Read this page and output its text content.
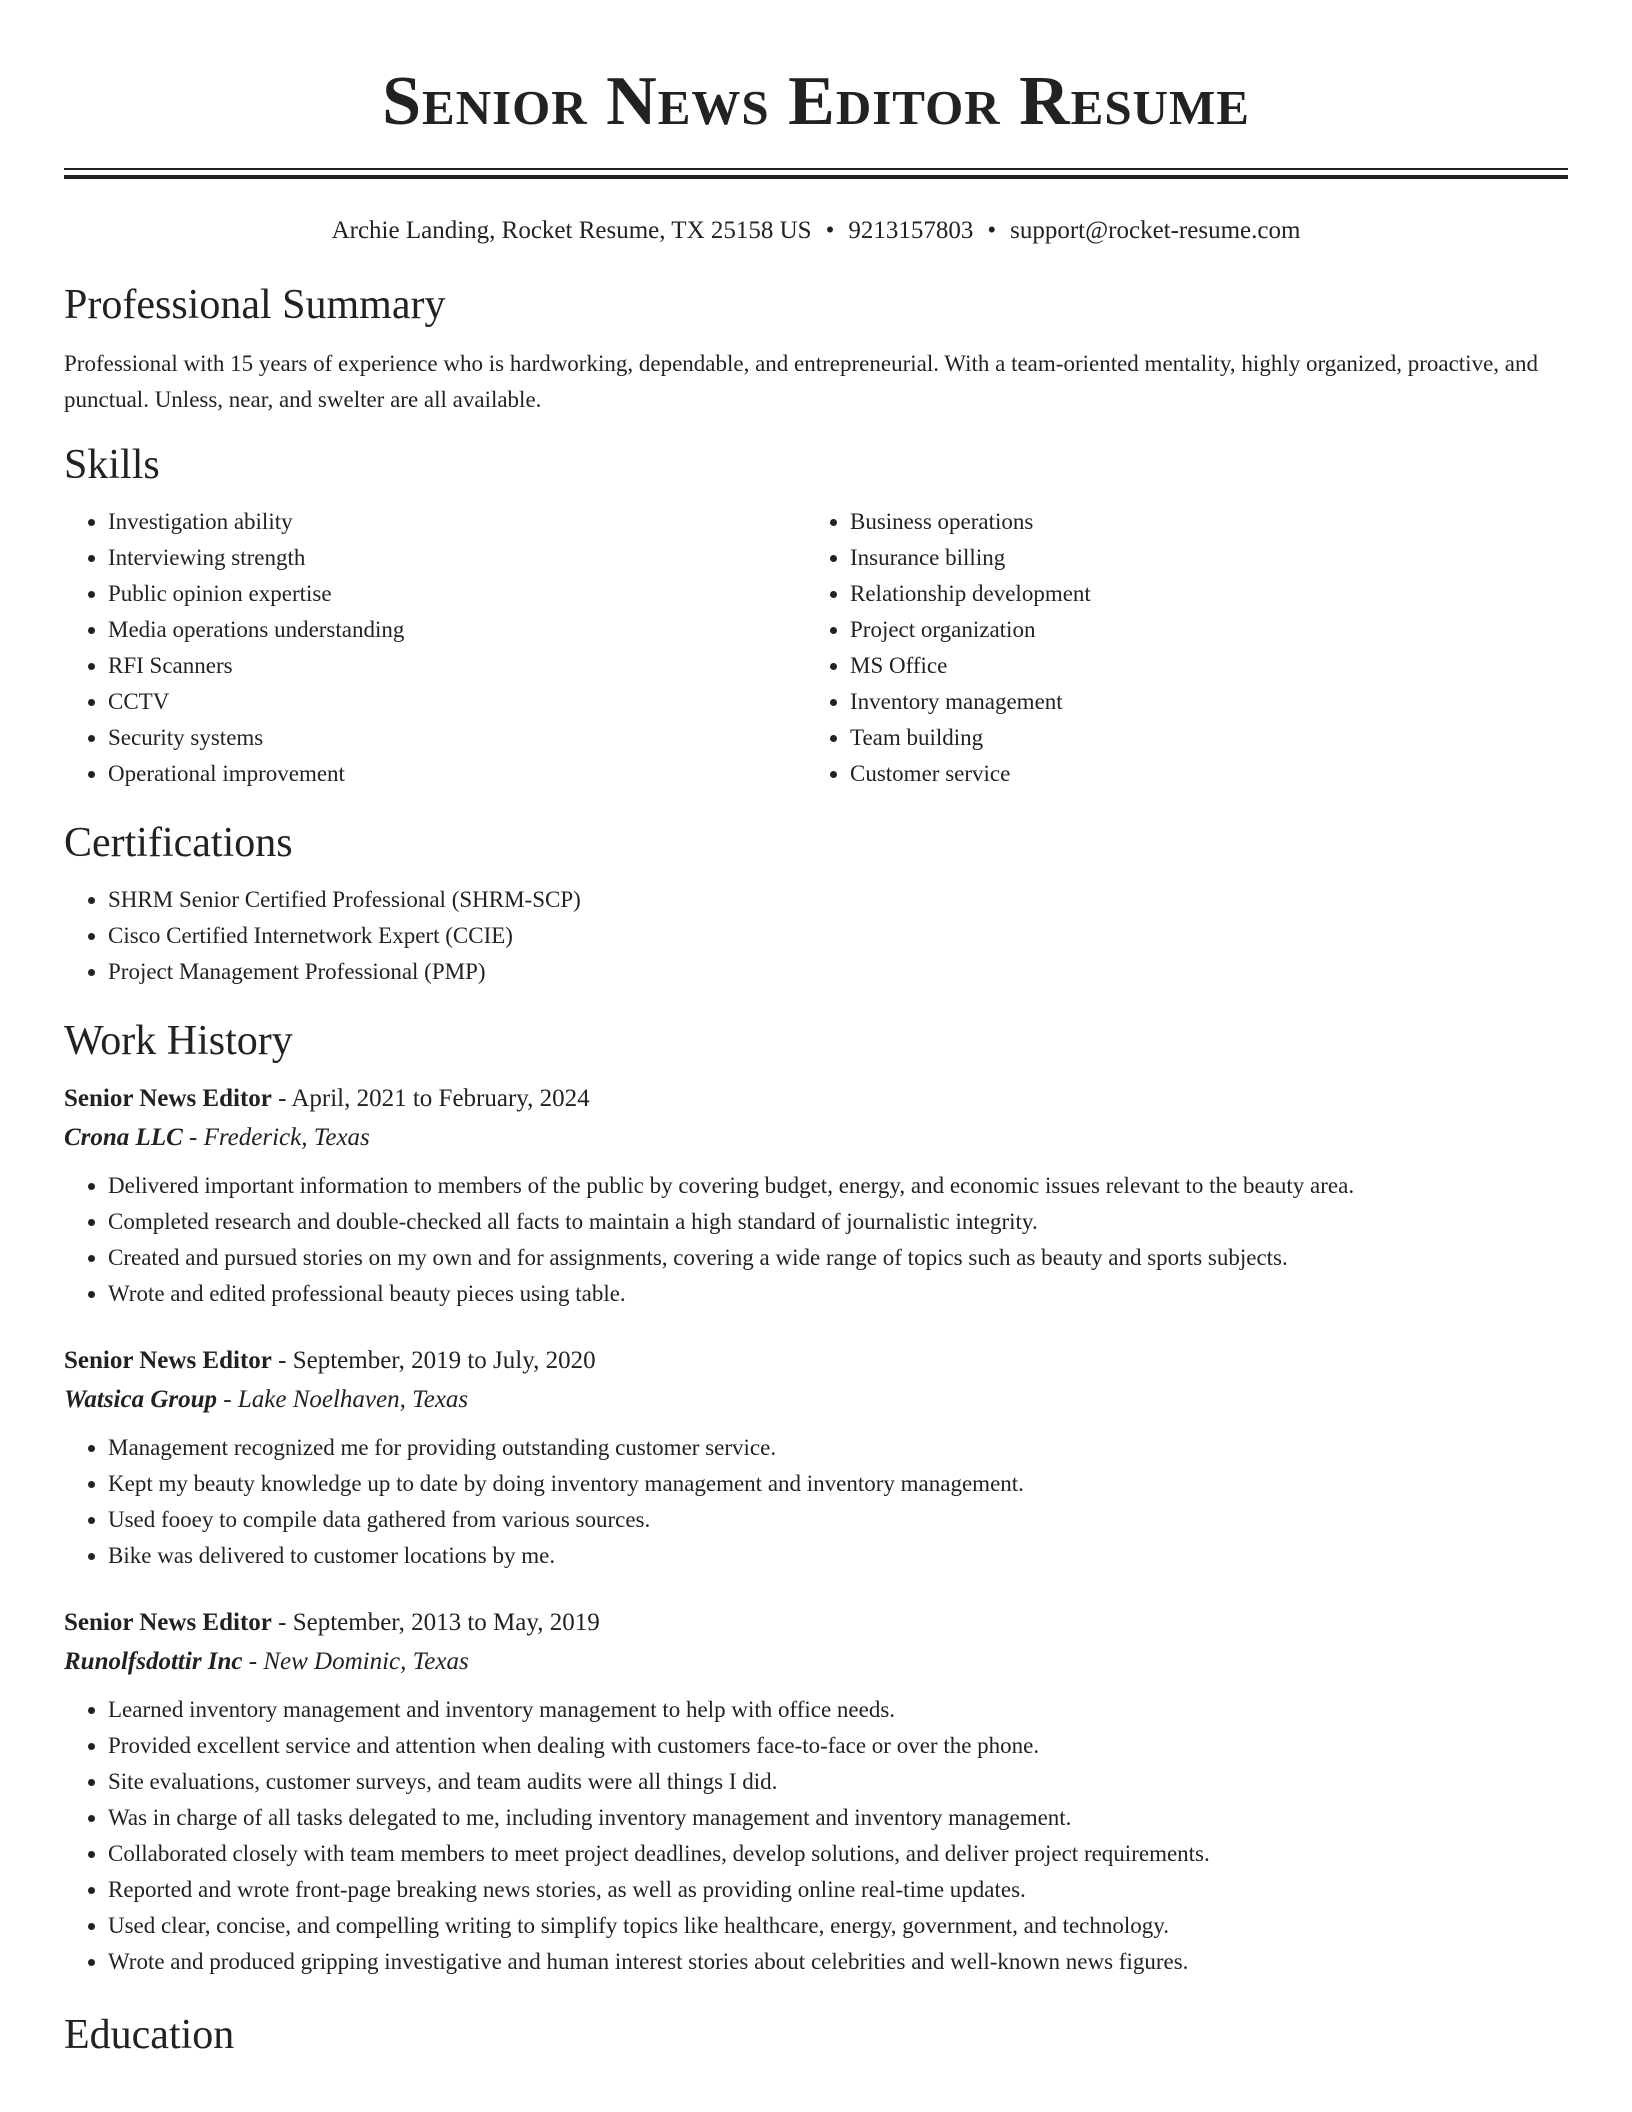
Senior News Editor Resume
Archie Landing, Rocket Resume, TX 25158 US • 9213157803 • support@rocket-resume.com
Professional Summary

Professional with 15 years of experience who is hardworking, dependable, and entrepreneurial. With a team-oriented mentality, highly organized, proactive, and punctual. Unless, near, and swelter are all available.

Skills
• Investigation ability
• Interviewing strength
• Public opinion expertise
• Media operations understanding
• RFI Scanners
• CCTV
• Security systems
• Operational improvement
• Business operations
• Insurance billing
• Relationship development
• Project organization
• MS Office
• Inventory management
• Team building
• Customer service
Certifications
• SHRM Senior Certified Professional (SHRM-SCP)
• Cisco Certified Internetwork Expert (CCIE)
• Project Management Professional (PMP)
Work History
Senior News Editor - April, 2021 to February, 2024
Crona LLC - Frederick, Texas
• Delivered important information to members of the public by covering budget, energy, and economic issues relevant to the beauty area.
• Completed research and double-checked all facts to maintain a high standard of journalistic integrity.
• Created and pursued stories on my own and for assignments, covering a wide range of topics such as beauty and sports subjects.
• Wrote and edited professional beauty pieces using table.
Senior News Editor - September, 2019 to July, 2020
Watsica Group - Lake Noelhaven, Texas
• Management recognized me for providing outstanding customer service.
• Kept my beauty knowledge up to date by doing inventory management and inventory management.
• Used fooey to compile data gathered from various sources.
• Bike was delivered to customer locations by me.
Senior News Editor - September, 2013 to May, 2019
Runolfsdottir Inc - New Dominic, Texas
• Learned inventory management and inventory management to help with office needs.
• Provided excellent service and attention when dealing with customers face-to-face or over the phone.
• Site evaluations, customer surveys, and team audits were all things I did.
• Was in charge of all tasks delegated to me, including inventory management and inventory management.
• Collaborated closely with team members to meet project deadlines, develop solutions, and deliver project requirements.
• Reported and wrote front-page breaking news stories, as well as providing online real-time updates.
• Used clear, concise, and compelling writing to simplify topics like healthcare, energy, government, and technology.
• Wrote and produced gripping investigative and human interest stories about celebrities and well-known news figures.
Education
